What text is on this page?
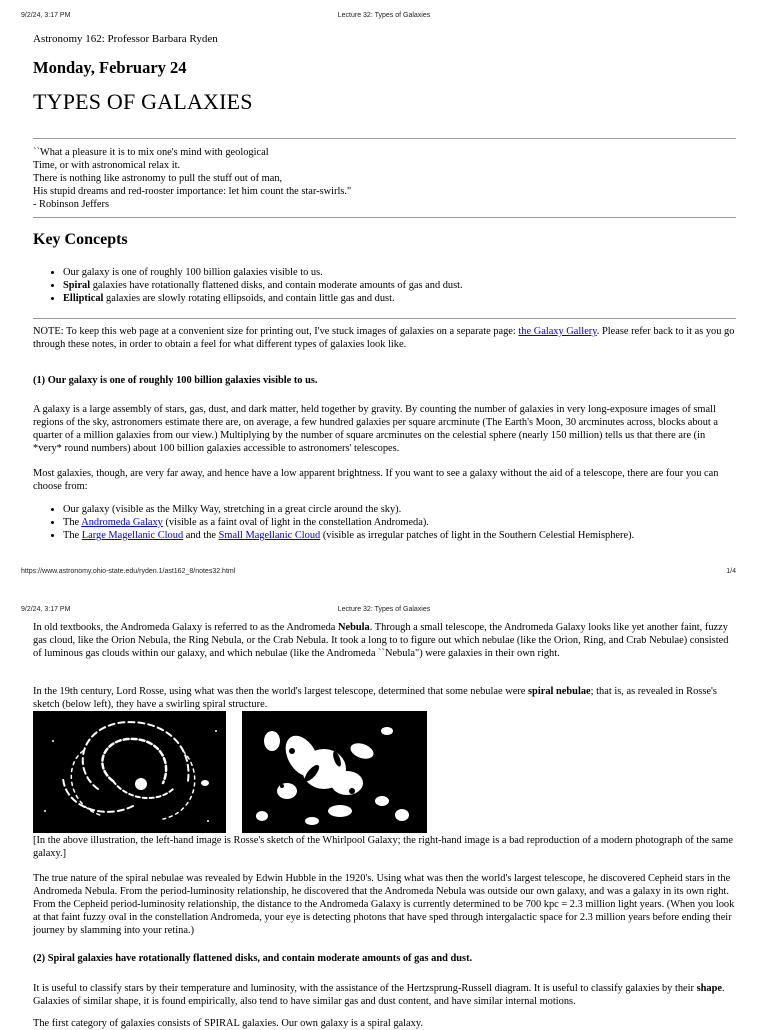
9/2/24, 3:17 PM	Lecture 32: Types of Galaxies

Astronomy 162: Professor Barbara Ryden

Monday, February 24

TYPES OF GALAXIES

``What a pleasure it is to mix one's mind with geological

Time, or with astronomical relax it.

There is nothing like astronomy to pull the stuff out of man,

His stupid dreams and red-rooster importance: let him count the star-swirls."

- Robinson Jeffers

Key Concepts

• Our galaxy is one of roughly 100 billion galaxies visible to us.
• Spiral galaxies have rotationally flattened disks, and contain moderate amounts of gas and dust.
• Elliptical galaxies are slowly rotating ellipsoids, and contain little gas and dust.

NOTE: To keep this web page at a convenient size for printing out, I've stuck images of galaxies on a separate page: the Galaxy Gallery. Please refer back to it as you go through these notes, in order to obtain a feel for what different types of galaxies look like.

(1) Our galaxy is one of roughly 100 billion galaxies visible to us.

A galaxy is a large assembly of stars, gas, dust, and dark matter, held together by gravity. By counting the number of galaxies in very long-exposure images of small regions of the sky, astronomers estimate there are, on average, a few hundred galaxies per square arcminute (The Earth's Moon, 30 arcminutes across, blocks about a quarter of a million galaxies from our view.) Multiplying by the number of square arcminutes on the celestial sphere (nearly 150 million) tells us that there are (in *very* round numbers) about 100 billion galaxies accessible to astronomers' telescopes.

Most galaxies, though, are very far away, and hence have a low apparent brightness. If you want to see a galaxy without the aid of a telescope, there are four you can choose from:

• Our galaxy (visible as the Milky Way, stretching in a great circle around the sky).
• The Andromeda Galaxy (visible as a faint oval of light in the constellation Andromeda).
• The Large Magellanic Cloud and the Small Magellanic Cloud (visible as irregular patches of light in the Southern Celestial Hemisphere).
https://www.astronomy.ohio-state.edu/ryden.1/ast162_8/notes32.html	1/4
9/2/24, 3:17 PM	Lecture 32: Types of Galaxies

In old textbooks, the Andromeda Galaxy is referred to as the Andromeda Nebula. Through a small telescope, the Andromeda Galaxy looks like yet another faint, fuzzy gas cloud, like the Orion Nebula, the Ring Nebula, or the Crab Nebula. It took a long to to figure out which nebulae (like the Orion, Ring, and Crab Nebulae) consisted of luminous gas clouds within our galaxy, and which nebulae (like the Andromeda ``Nebula") were galaxies in their own right.

In the 19th century, Lord Rosse, using what was then the world's largest telescope, determined that some nebulae were spiral nebulae; that is, as revealed in Rosse's sketch (below left), they have a swirling spiral structure.

[In the above illustration, the left-hand image is Rosse's sketch of the Whirlpool Galaxy; the right-hand image is a bad reproduction of a modern photograph of the same galaxy.]

The true nature of the spiral nebulae was revealed by Edwin Hubble in the 1920's. Using what was then the world's largest telescope, he discovered Cepheid stars in the Andromeda Nebula. From the period-luminosity relationship, he discovered that the Andromeda Nebula was outside our own galaxy, and was a galaxy in its own right. From the Cepheid period-luminosity relationship, the distance to the Andromeda Galaxy is currently determined to be 700 kpc = 2.3 million light years. (When you look at that faint fuzzy oval in the constellation Andromeda, your eye is detecting photons that have sped through intergalactic space for 2.3 million years before ending their journey by slamming into your retina.)

(2) Spiral galaxies have rotationally flattened disks, and contain moderate amounts of gas and dust.

It is useful to classify stars by their temperature and luminosity, with the assistance of the Hertzsprung-Russell diagram. It is useful to classify galaxies by their shape. Galaxies of similar shape, it is found empirically, also tend to have similar gas and dust content, and have similar internal motions.

The first category of galaxies consists of SPIRAL galaxies. Our own galaxy is a spiral galaxy.
